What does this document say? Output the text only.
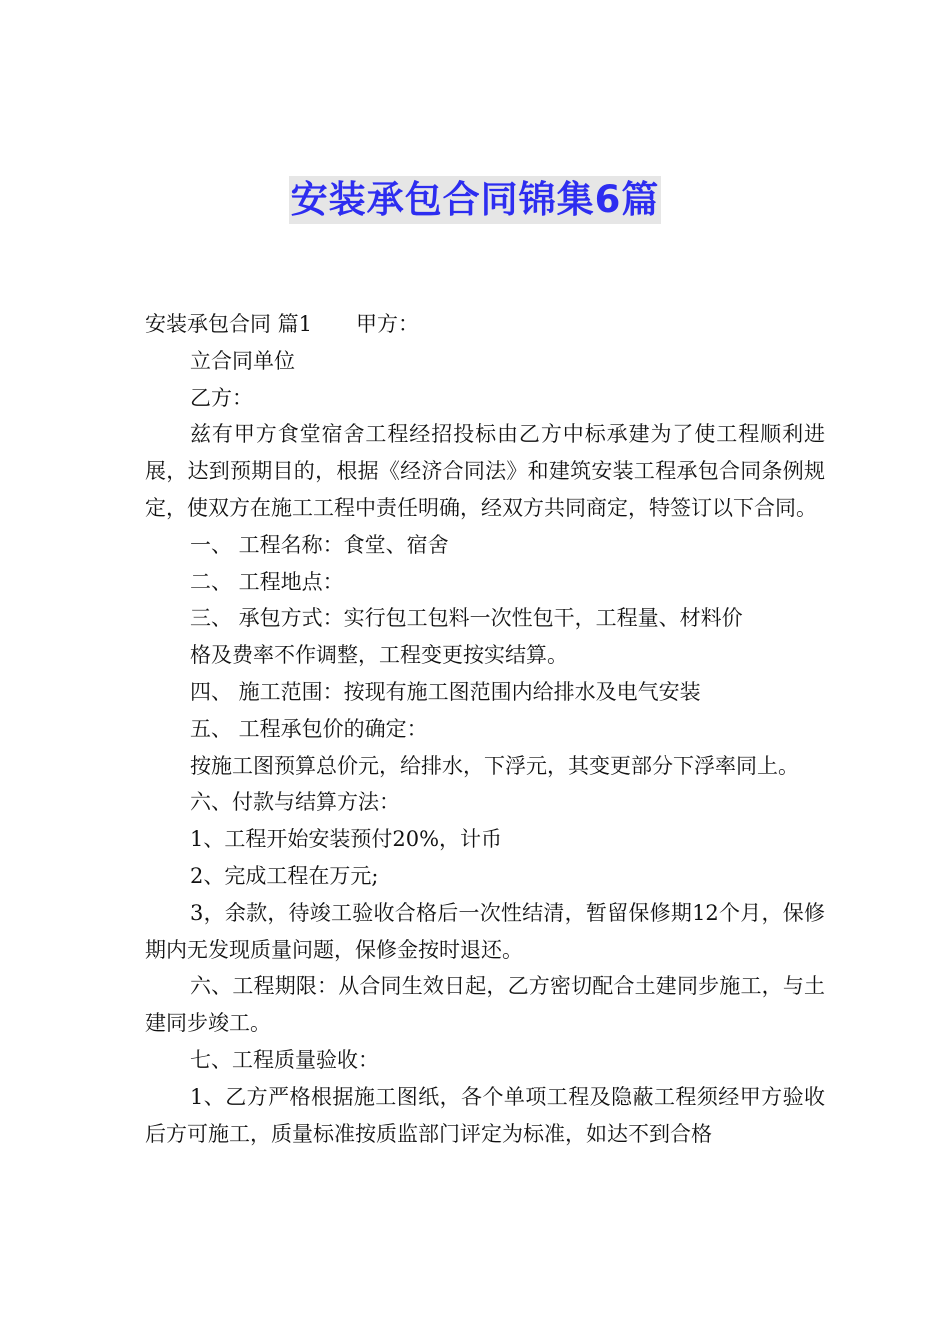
安装承包合同锦集6篇

安装承包合同 篇1 甲方：

立合同单位

乙方：

兹有甲方食堂宿舍工程经招投标由乙方中标承建为了使工程顺利进展，达到预期目的，根据《经济合同法》和建筑安装工程承包合同条例规定，使双方在施工工程中责任明确，经双方共同商定，特签订以下合同。

一、 工程名称：食堂、宿舍

二、 工程地点：

三、 承包方式：实行包工包料一次性包干，工程量、材料价

格及费率不作调整，工程变更按实结算。

四、 施工范围：按现有施工图范围内给排水及电气安装

五、 工程承包价的确定：

按施工图预算总价元，给排水，下浮元，其变更部分下浮率同上。

六、付款与结算方法：

1、工程开始安装预付20%，计币

2、完成工程在万元;

3，余款，待竣工验收合格后一次性结清，暂留保修期12个月，保修期内无发现质量问题，保修金按时退还。

六、工程期限：从合同生效日起，乙方密切配合土建同步施工，与土建同步竣工。

七、工程质量验收：

1、乙方严格根据施工图纸，各个单项工程及隐蔽工程须经甲方验收后方可施工，质量标准按质监部门评定为标准，如达不到合格
